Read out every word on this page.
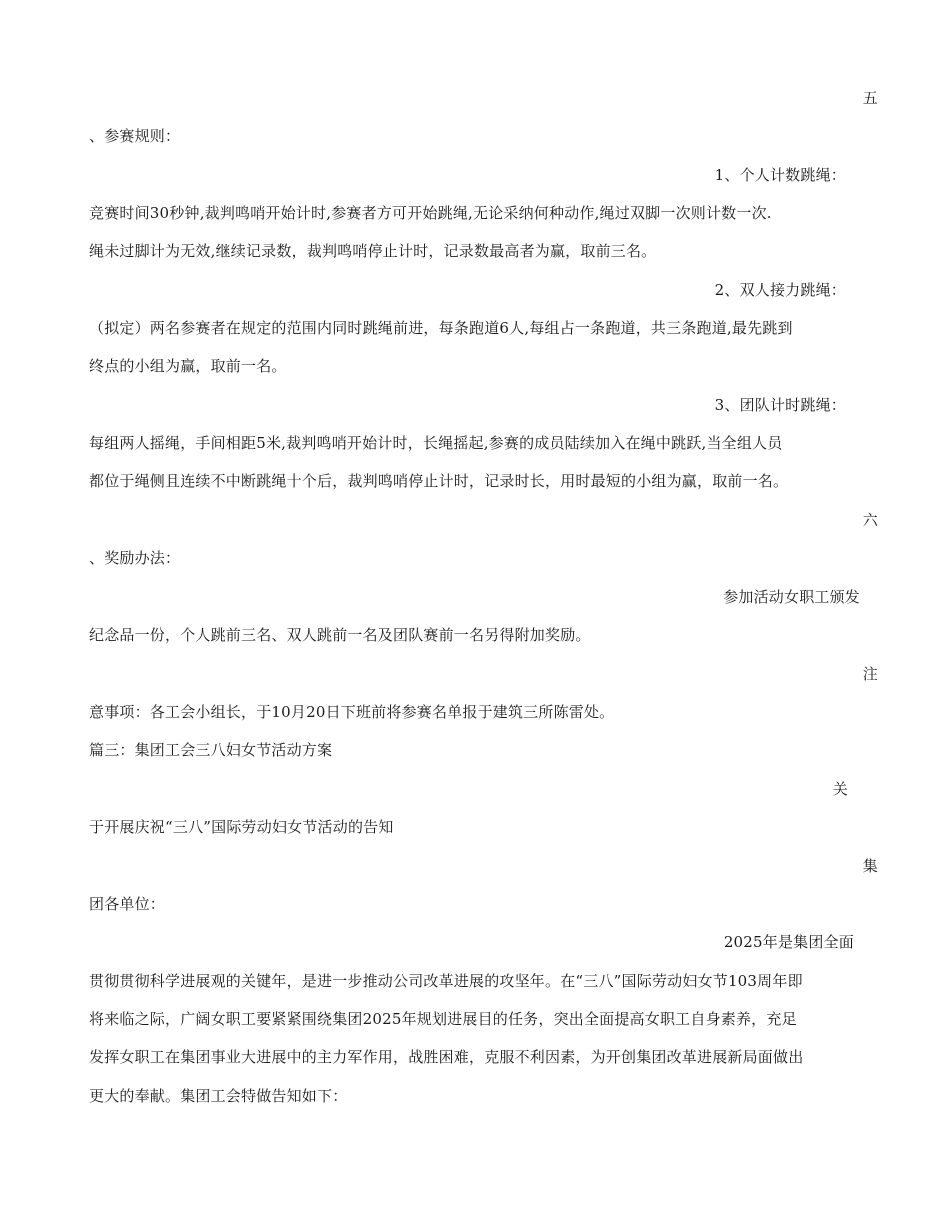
五
、参赛规则：
1、个人计数跳绳：
竞赛时间30秒钟,裁判鸣哨开始计时,参赛者方可开始跳绳,无论采纳何种动作,绳过双脚一次则计数一次.
绳未过脚计为无效,继续记录数，裁判鸣哨停止计时，记录数最高者为赢，取前三名。
2、双人接力跳绳：
（拟定）两名参赛者在规定的范围内同时跳绳前进，每条跑道6人,每组占一条跑道，共三条跑道,最先跳到
终点的小组为赢，取前一名。
3、团队计时跳绳：
每组两人摇绳，手间相距5米,裁判鸣哨开始计时，长绳摇起,参赛的成员陆续加入在绳中跳跃,当全组人员
都位于绳侧且连续不中断跳绳十个后，裁判鸣哨停止计时，记录时长，用时最短的小组为赢，取前一名。
六
、奖励办法：
参加活动女职工颁发
纪念品一份，个人跳前三名、双人跳前一名及团队赛前一名另得附加奖励。
注
意事项：各工会小组长，于10月20日下班前将参赛名单报于建筑三所陈雷处。
篇三：集团工会三八妇女节活动方案
关
于开展庆祝“三八”国际劳动妇女节活动的告知
集
团各单位：
2025年是集团全面
贯彻贯彻科学进展观的关键年，是进一步推动公司改革进展的攻坚年。在“三八”国际劳动妇女节103周年即
将来临之际，广阔女职工要紧紧围绕集团2025年规划进展目的任务，突出全面提高女职工自身素养，充足
发挥女职工在集团事业大进展中的主力军作用，战胜困难，克服不利因素，为开创集团改革进展新局面做出
更大的奉献。集团工会特做告知如下：
